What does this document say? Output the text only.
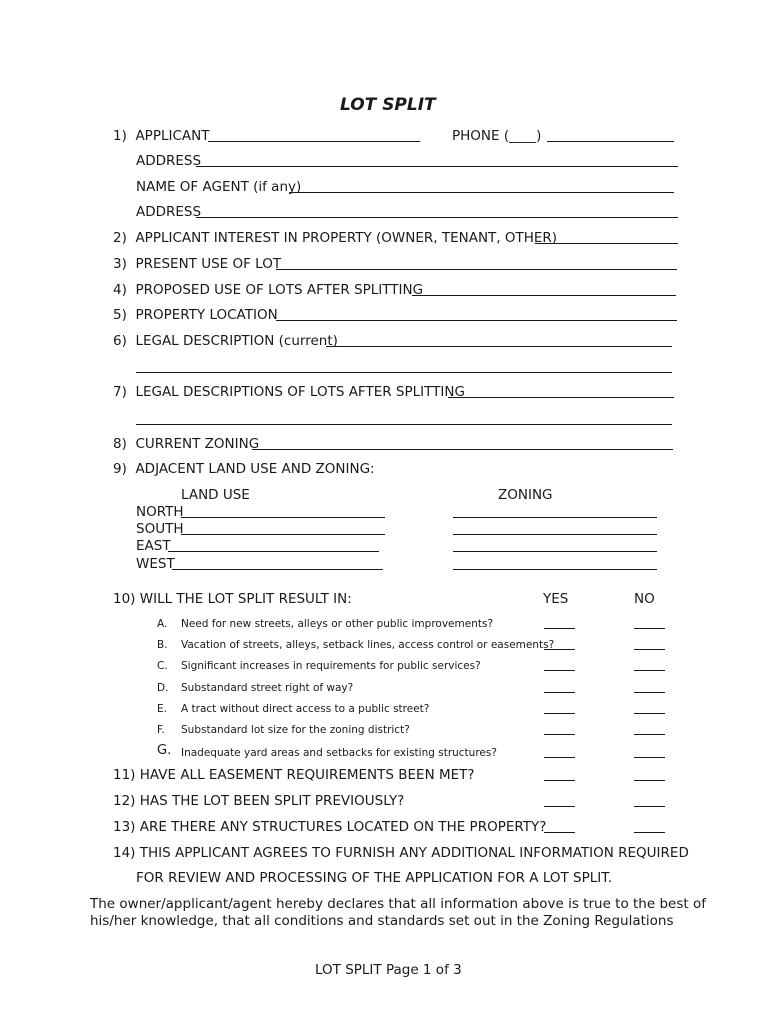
LOT SPLIT
1)  APPLICANT	PHONE (____)
ADDRESS
NAME OF AGENT (if any)
ADDRESS
2)  APPLICANT INTEREST IN PROPERTY (OWNER, TENANT, OTHER)
3)  PRESENT USE OF LOT
4)  PROPOSED USE OF LOTS AFTER SPLITTING
5)  PROPERTY LOCATION
6)  LEGAL DESCRIPTION (current)
7)  LEGAL DESCRIPTIONS OF LOTS AFTER SPLITTING
8)  CURRENT ZONING
9)  ADJACENT LAND USE AND ZONING:
LAND USE	ZONING
NORTH
SOUTH
EAST
WEST
10) WILL THE LOT SPLIT RESULT IN:	YES	NO
A. Need for new streets, alleys or other public improvements?
B. Vacation of streets, alleys, setback lines, access control or easements?
C. Significant increases in requirements for public services?
D. Substandard street right of way?
E. A tract without direct access to a public street?
F. Substandard lot size for the zoning district?
G. Inadequate yard areas and setbacks for existing structures?
11) HAVE ALL EASEMENT REQUIREMENTS BEEN MET?
12) HAS THE LOT BEEN SPLIT PREVIOUSLY?
13) ARE THERE ANY STRUCTURES LOCATED ON THE PROPERTY?
14) THIS APPLICANT AGREES TO FURNISH ANY ADDITIONAL INFORMATION REQUIRED
FOR REVIEW AND PROCESSING OF THE APPLICATION FOR A LOT SPLIT.
The owner/applicant/agent hereby declares that all information above is true to the best of
his/her knowledge, that all conditions and standards set out in the Zoning Regulations
LOT SPLIT Page 1 of 3
